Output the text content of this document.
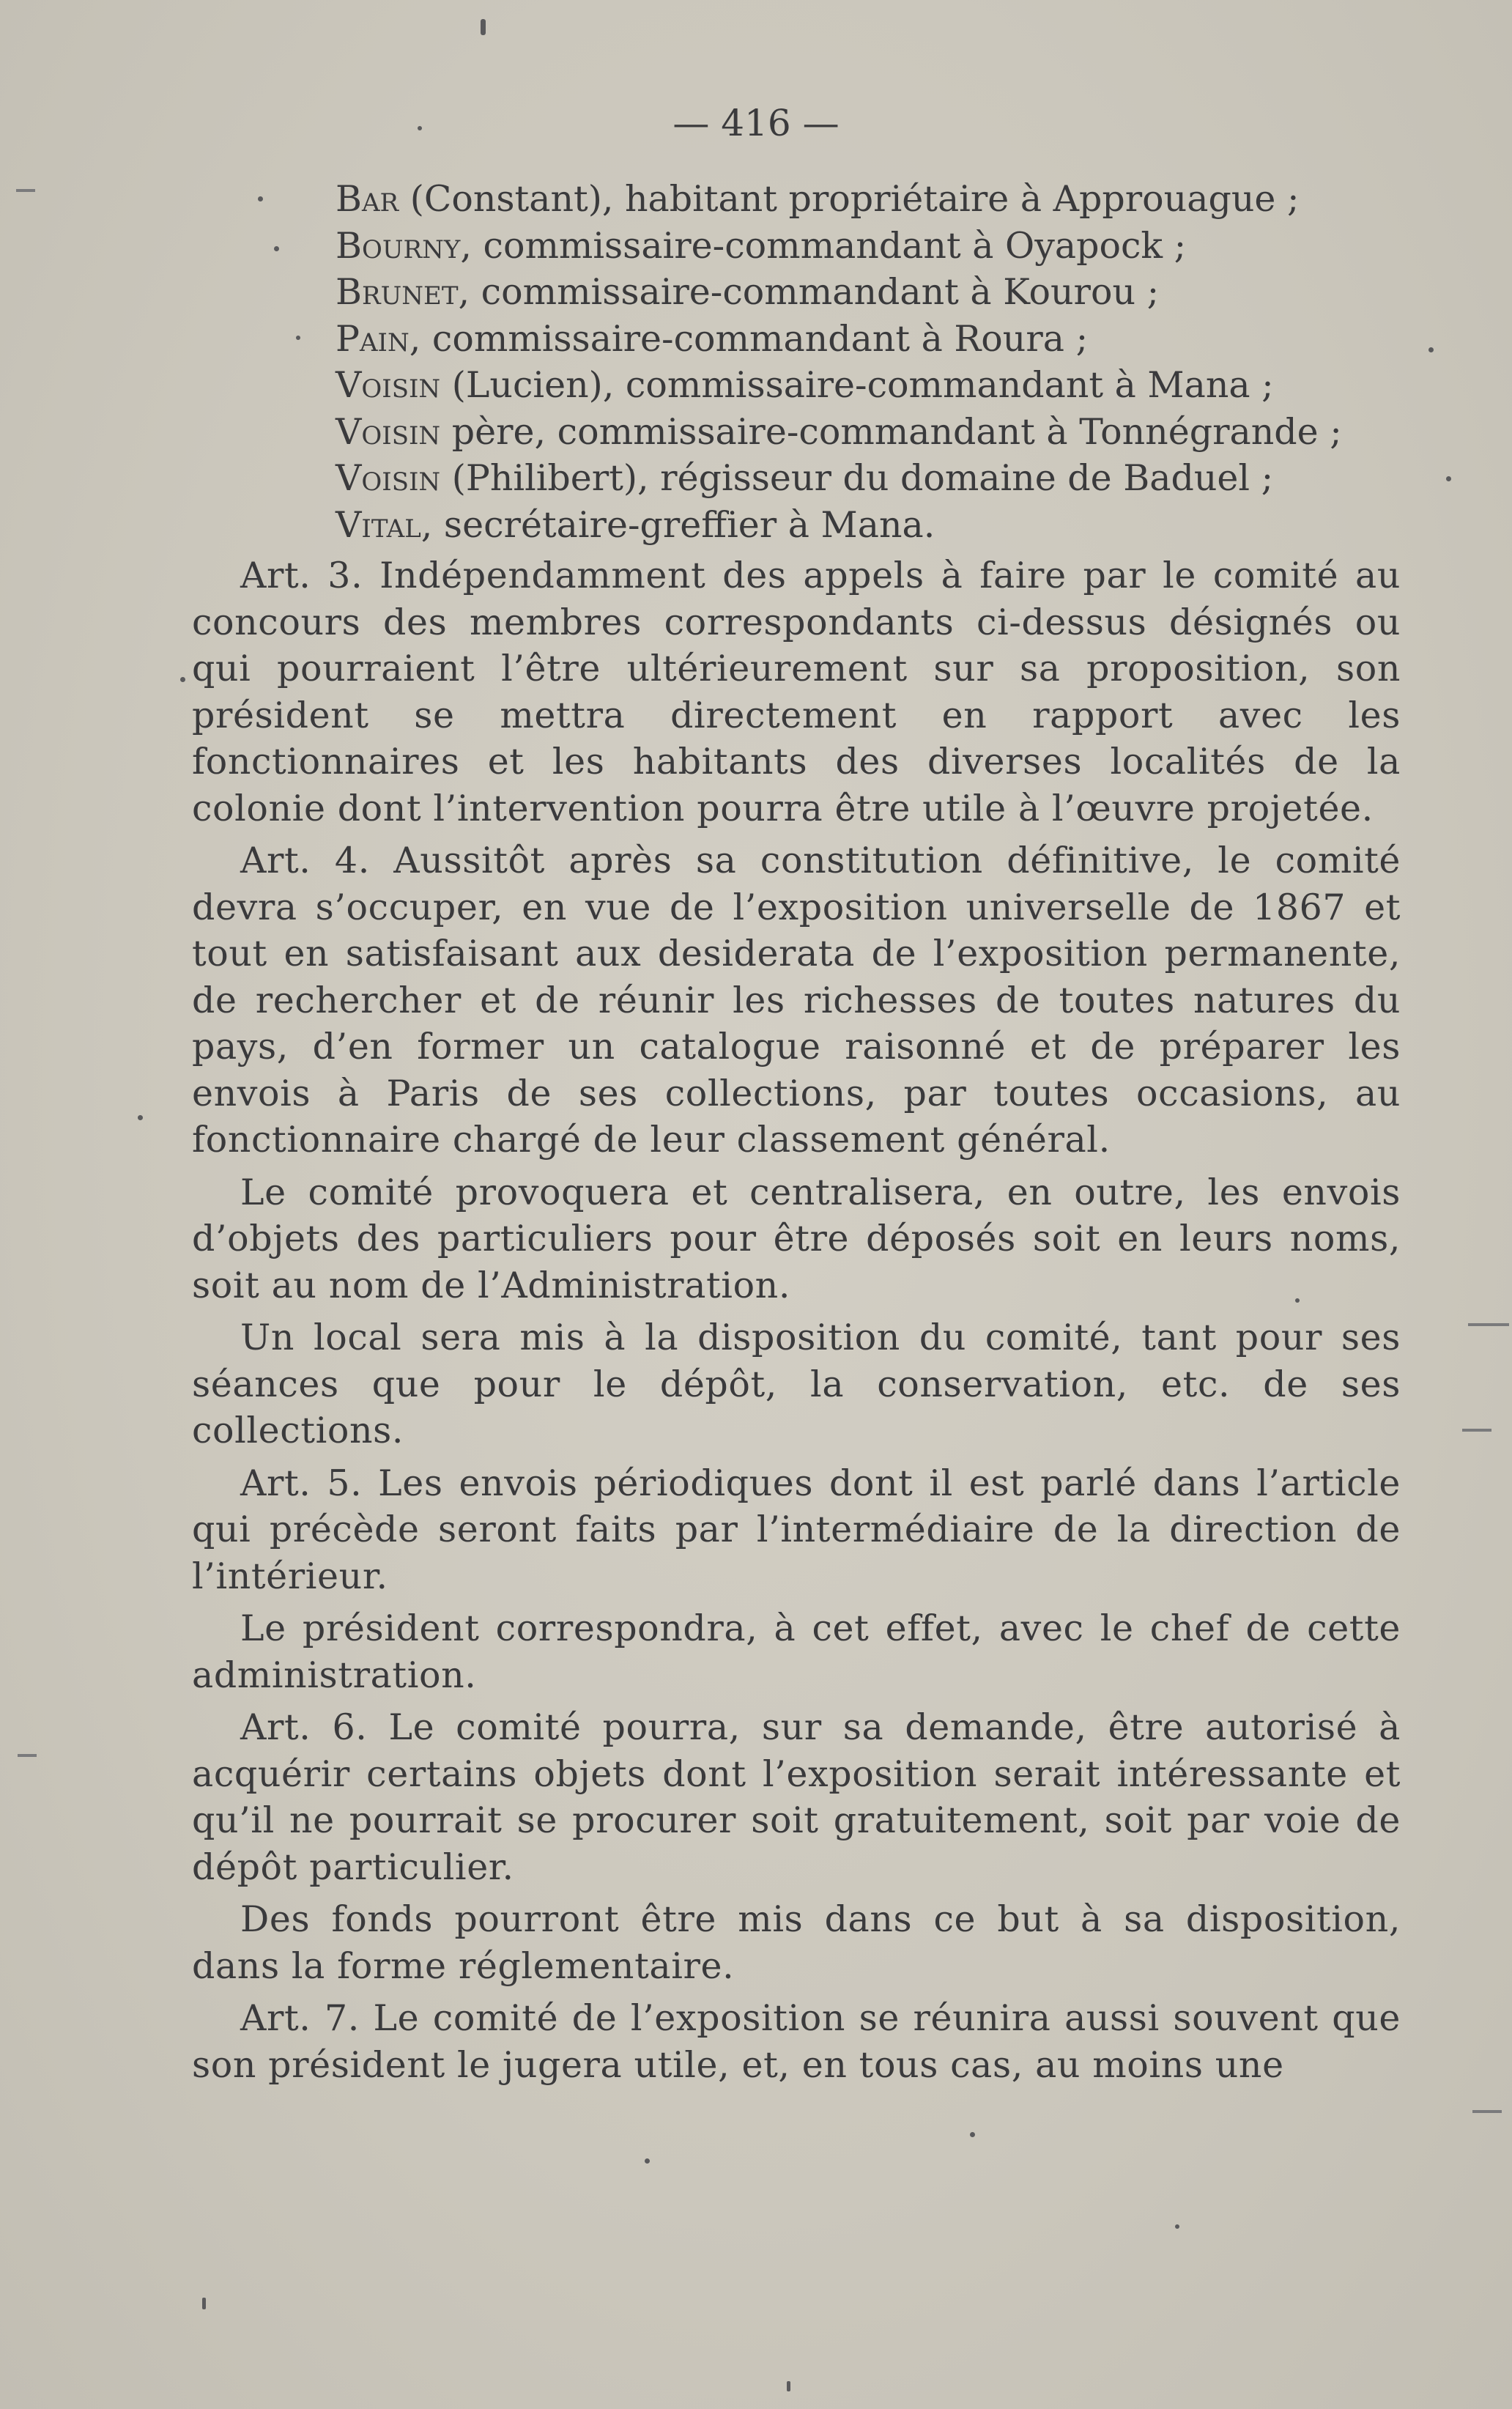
— 416 —
Bar (Constant), habitant propriétaire à Approuague ;
Bourny, commissaire-commandant à Oyapock ;
Brunet, commissaire-commandant à Kourou ;
Pain, commissaire-commandant à Roura ;
Voisin (Lucien), commissaire-commandant à Mana ;
Voisin père, commissaire-commandant à Tonnégrande ;
Voisin (Philibert), régisseur du domaine de Baduel ;
Vital, secrétaire-greffier à Mana.

Art. 3. Indépendamment des appels à faire par le comité au concours des membres correspondants ci-dessus désignés ou qui pourraient l’être ultérieurement sur sa proposition, son président se mettra directement en rapport avec les fonctionnaires et les habitants des diverses localités de la colonie dont l’intervention pourra être utile à l’œuvre projetée.

Art. 4. Aussitôt après sa constitution définitive, le comité devra s’occuper, en vue de l’exposition universelle de 1867 et tout en satisfaisant aux desiderata de l’exposition permanente, de rechercher et de réunir les richesses de toutes natures du pays, d’en former un catalogue raisonné et de préparer les envois à Paris de ses collections, par toutes occasions, au fonctionnaire chargé de leur classement général.

Le comité provoquera et centralisera, en outre, les envois d’objets des particuliers pour être déposés soit en leurs noms, soit au nom de l’Administration.

Un local sera mis à la disposition du comité, tant pour ses séances que pour le dépôt, la conservation, etc. de ses collections.

Art. 5. Les envois périodiques dont il est parlé dans l’article qui précède seront faits par l’intermédiaire de la direction de l’intérieur.

Le président correspondra, à cet effet, avec le chef de cette administration.

Art. 6. Le comité pourra, sur sa demande, être autorisé à acquérir certains objets dont l’exposition serait intéressante et qu’il ne pourrait se procurer soit gratuitement, soit par voie de dépôt particulier.

Des fonds pourront être mis dans ce but à sa disposition, dans la forme réglementaire.

Art. 7. Le comité de l’exposition se réunira aussi souvent que son président le jugera utile, et, en tous cas, au moins une
